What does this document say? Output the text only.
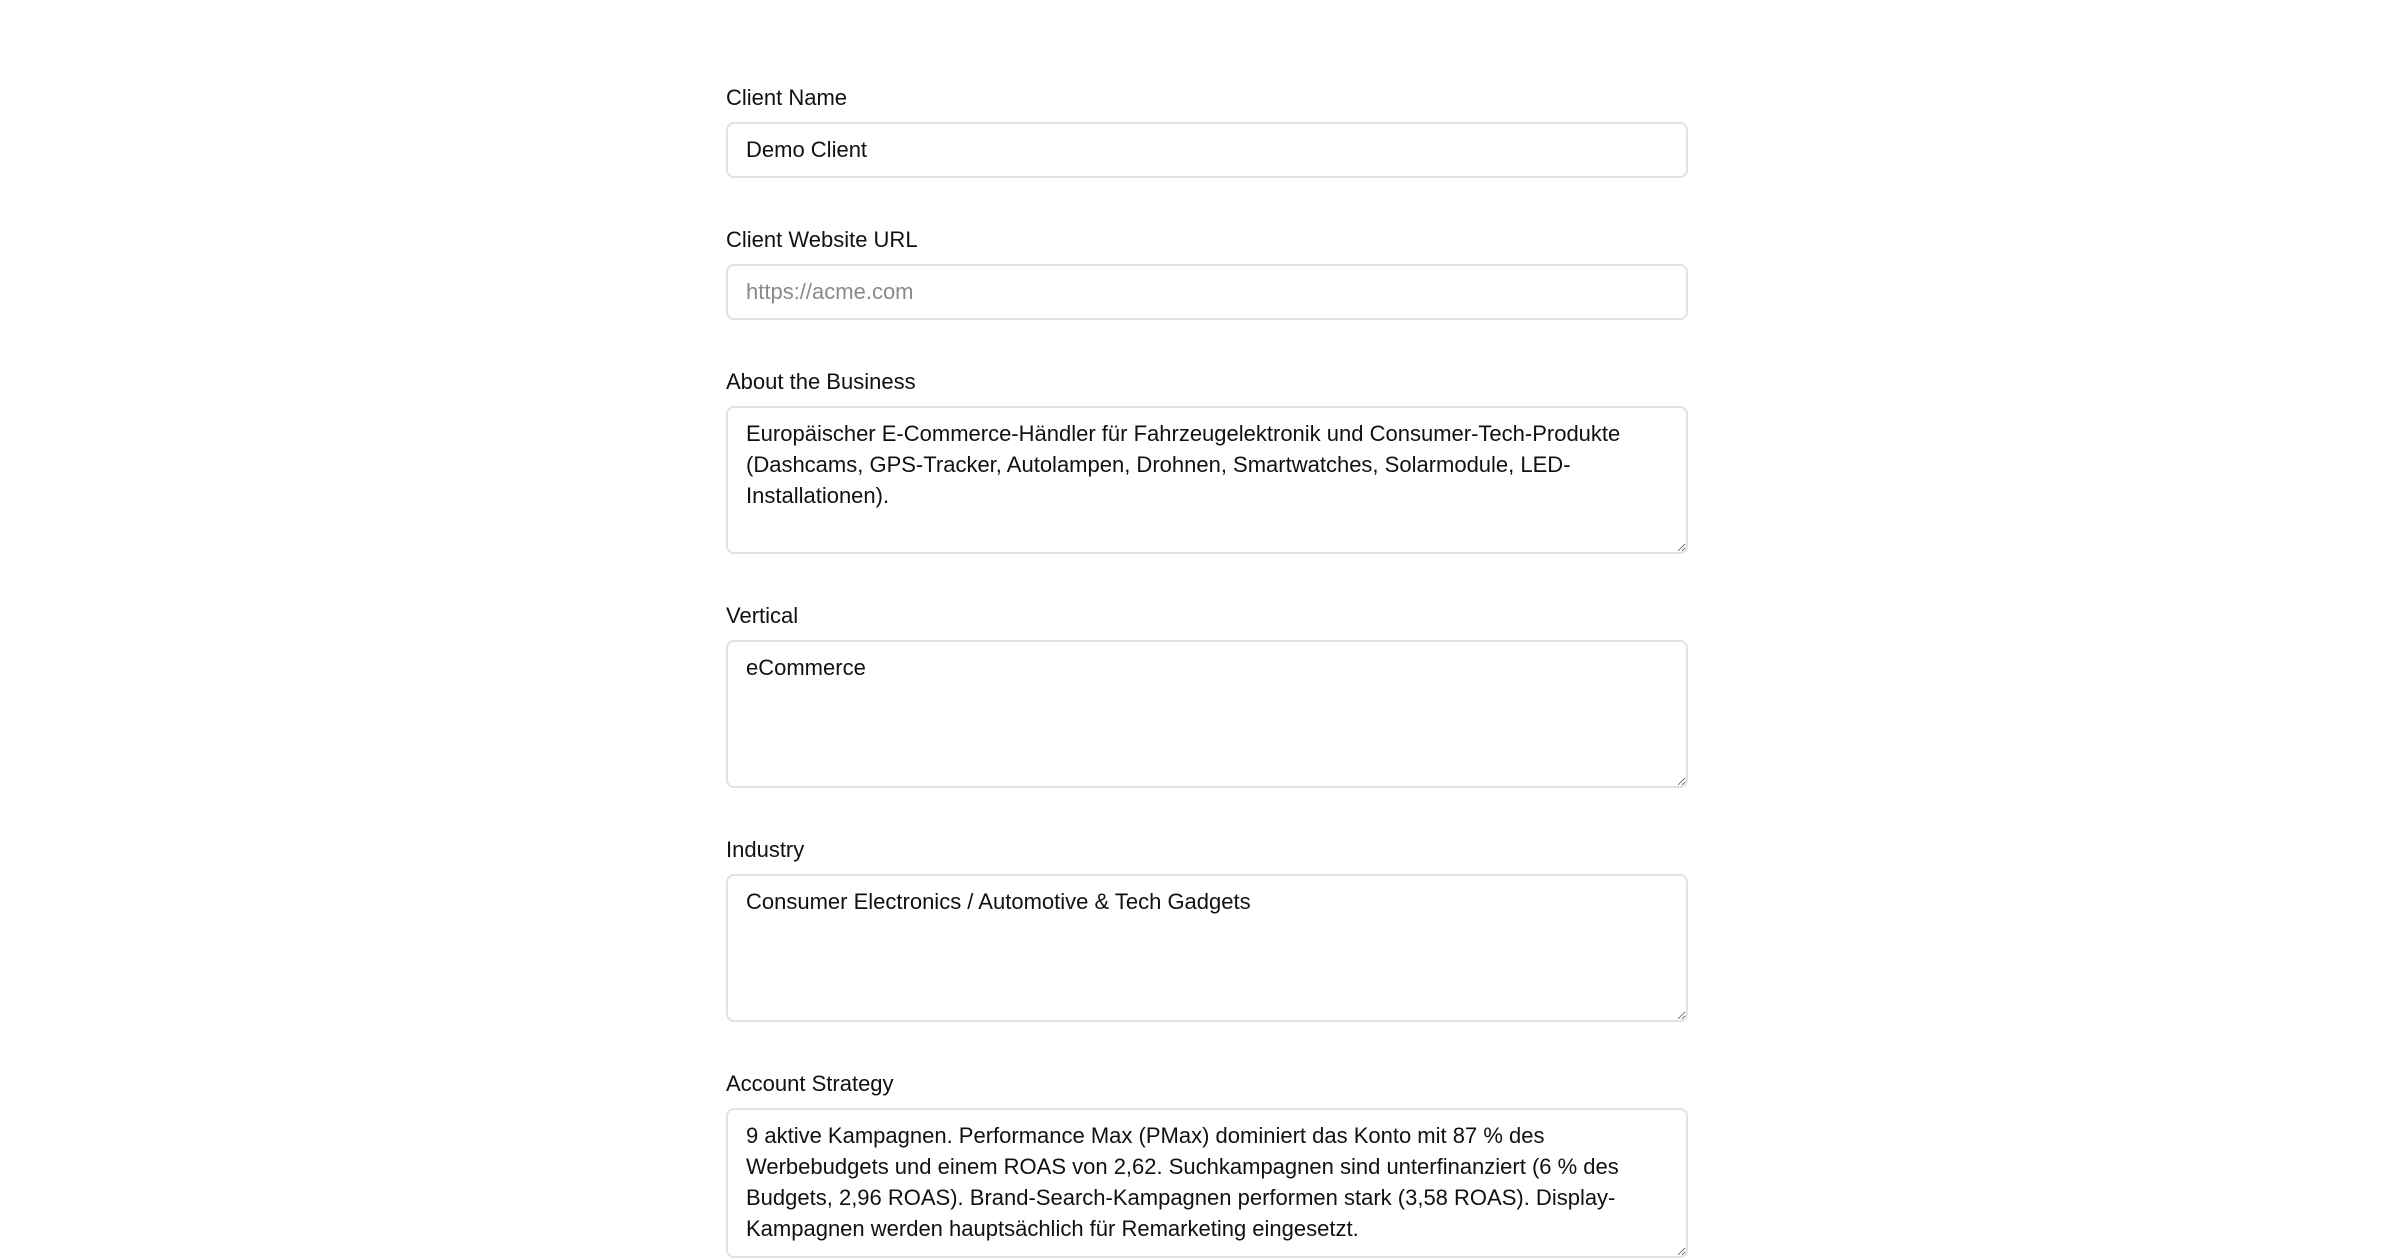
Client Name
Demo Client
Client Website URL
https://acme.com
About the Business
Europäischer E-Commerce-Händler für Fahrzeugelektronik und Consumer-Tech-Produkte (Dashcams, GPS-Tracker, Autolampen, Drohnen, Smartwatches, Solarmodule, LED-Installationen).
Vertical
eCommerce
Industry
Consumer Electronics / Automotive & Tech Gadgets
Account Strategy
9 aktive Kampagnen. Performance Max (PMax) dominiert das Konto mit 87 % des Werbebudgets und einem ROAS von 2,62. Suchkampagnen sind unterfinanziert (6 % des Budgets, 2,96 ROAS). Brand-Search-Kampagnen performen stark (3,58 ROAS). Display-Kampagnen werden hauptsächlich für Remarketing eingesetzt.
